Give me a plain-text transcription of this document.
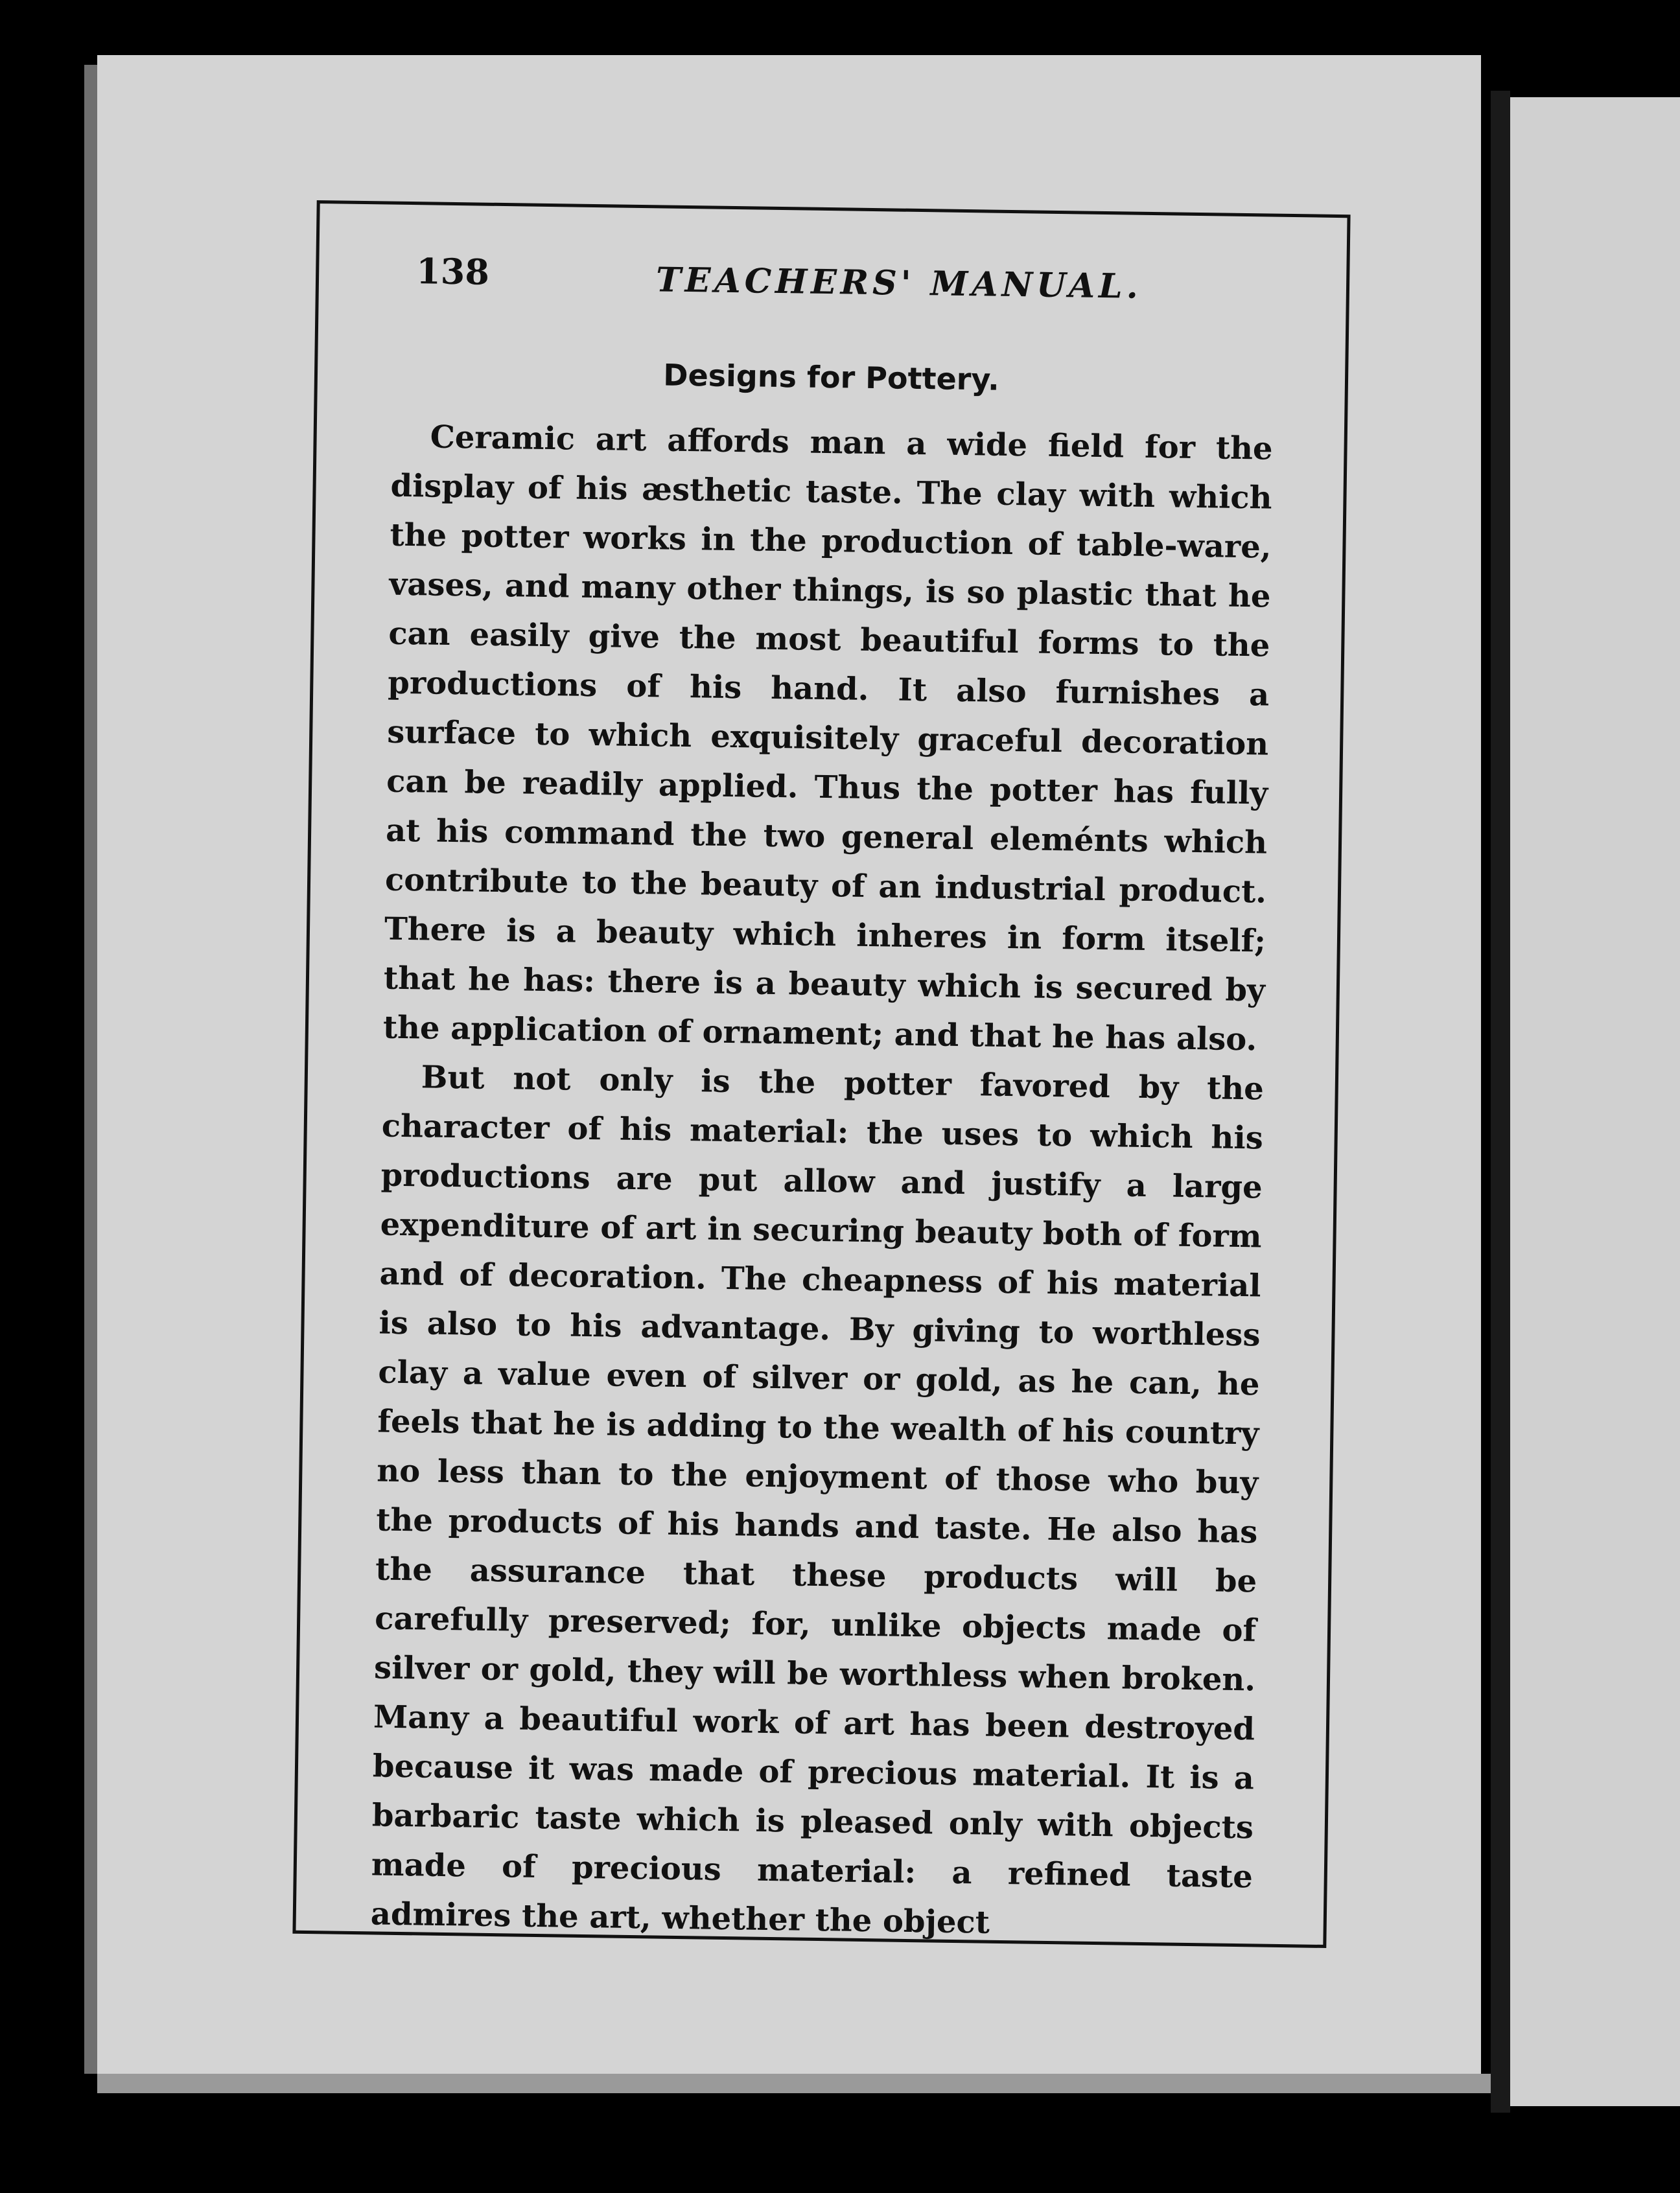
138	TEACHERS' MANUAL.

Designs for Pottery.

Ceramic art affords man a wide field for the display of his æsthetic taste. The clay with which the potter works in the production of table-ware, vases, and many other things, is so plastic that he can easily give the most beautiful forms to the productions of his hand. It also furnishes a surface to which exquisitely graceful decoration can be readily applied. Thus the potter has fully at his command the two general eleménts which contribute to the beauty of an industrial product. There is a beauty which inheres in form itself; that he has: there is a beauty which is secured by the application of ornament; and that he has also.

But not only is the potter favored by the character of his material: the uses to which his productions are put allow and justify a large expenditure of art in securing beauty both of form and of decoration. The cheapness of his material is also to his advantage. By giving to worthless clay a value even of silver or gold, as he can, he feels that he is adding to the wealth of his country no less than to the enjoyment of those who buy the products of his hands and taste. He also has the assurance that these products will be carefully preserved; for, unlike objects made of silver or gold, they will be worthless when broken. Many a beautiful work of art has been destroyed because it was made of precious material. It is a barbaric taste which is pleased only with objects made of precious material: a refined taste admires the art, whether the object
